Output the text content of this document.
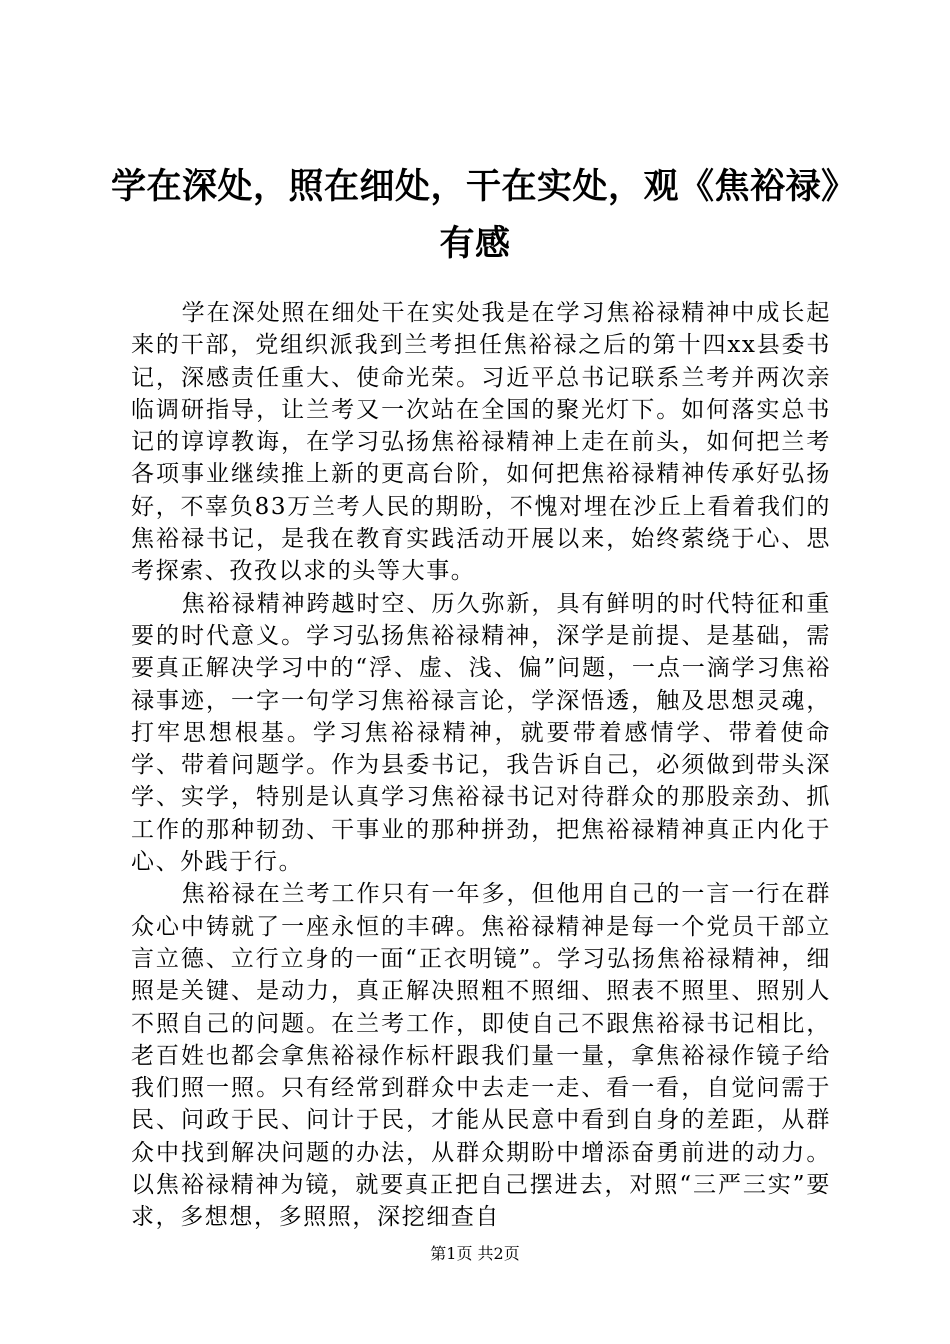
学在深处，照在细处，干在实处，观《焦裕禄》有感

学在深处照在细处干在实处我是在学习焦裕禄精神中成长起来的干部，党组织派我到兰考担任焦裕禄之后的第十四xx县委书记，深感责任重大、使命光荣。习近平总书记联系兰考并两次亲临调研指导，让兰考又一次站在全国的聚光灯下。如何落实总书记的谆谆教诲，在学习弘扬焦裕禄精神上走在前头，如何把兰考各项事业继续推上新的更高台阶，如何把焦裕禄精神传承好弘扬好，不辜负83万兰考人民的期盼，不愧对埋在沙丘上看着我们的焦裕禄书记，是我在教育实践活动开展以来，始终萦绕于心、思考探索、孜孜以求的头等大事。

焦裕禄精神跨越时空、历久弥新，具有鲜明的时代特征和重要的时代意义。学习弘扬焦裕禄精神，深学是前提、是基础，需要真正解决学习中的“浮、虚、浅、偏”问题，一点一滴学习焦裕禄事迹，一字一句学习焦裕禄言论，学深悟透，触及思想灵魂，打牢思想根基。学习焦裕禄精神，就要带着感情学、带着使命学、带着问题学。作为县委书记，我告诉自己，必须做到带头深学、实学，特别是认真学习焦裕禄书记对待群众的那股亲劲、抓工作的那种韧劲、干事业的那种拼劲，把焦裕禄精神真正内化于心、外践于行。

焦裕禄在兰考工作只有一年多，但他用自己的一言一行在群众心中铸就了一座永恒的丰碑。焦裕禄精神是每一个党员干部立言立德、立行立身的一面“正衣明镜”。学习弘扬焦裕禄精神，细照是关键、是动力，真正解决照粗不照细、照表不照里、照别人不照自己的问题。在兰考工作，即使自己不跟焦裕禄书记相比，老百姓也都会拿焦裕禄作标杆跟我们量一量，拿焦裕禄作镜子给我们照一照。只有经常到群众中去走一走、看一看，自觉问需于民、问政于民、问计于民，才能从民意中看到自身的差距，从群众中找到解决问题的办法，从群众期盼中增添奋勇前进的动力。以焦裕禄精神为镜，就要真正把自己摆进去，对照“三严三实”要求，多想想，多照照，深挖细查自

第1页 共2页
